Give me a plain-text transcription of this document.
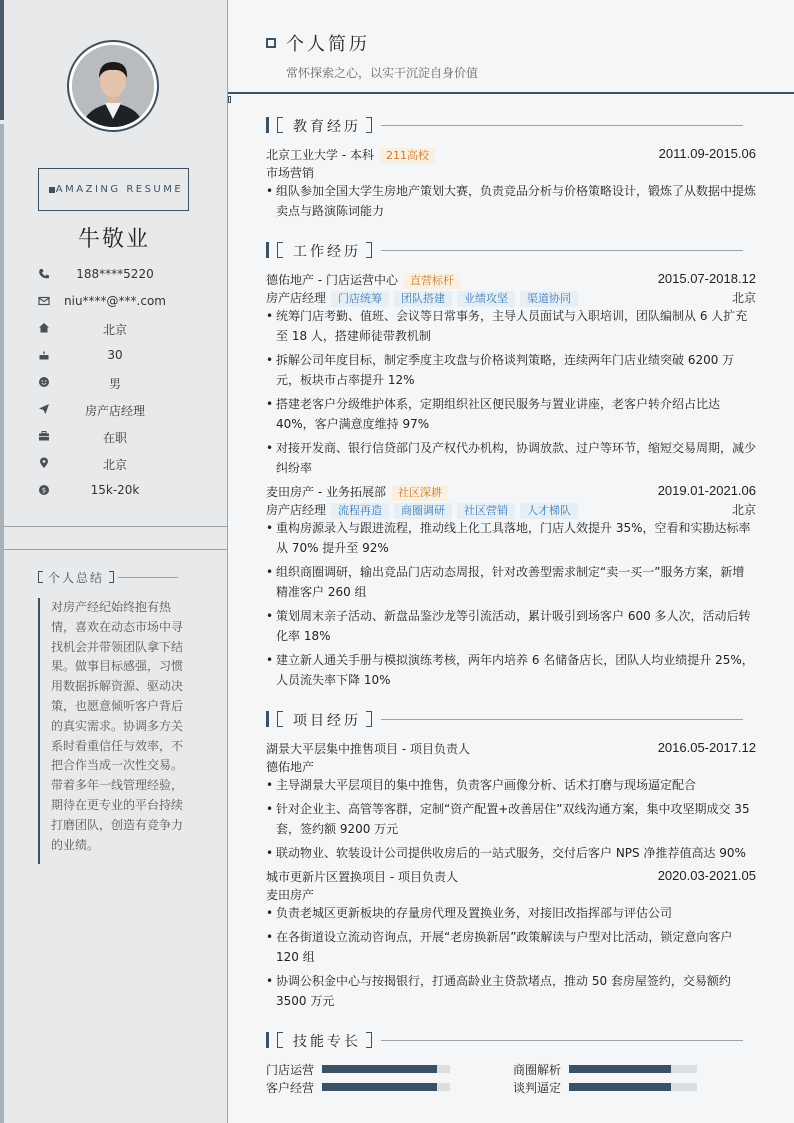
AMAZING RESUME
牛敬业
188****5220
niu****@***.com
北京
30
男
房产店经理
在职
北京
$	15k-20k
个人总结
对房产经纪始终抱有热情，喜欢在动态市场中寻找机会并带领团队拿下结果。做事目标感强，习惯用数据拆解资源、驱动决策，也愿意倾听客户背后的真实需求。协调多方关系时看重信任与效率，不把合作当成一次性交易。带着多年一线管理经验，期待在更专业的平台持续打磨团队，创造有竞争力的业绩。
个人简历
常怀探索之心，以实干沉淀自身价值
教育经历
北京工业大学 - 本科 211高校	2011.09-2015.06
市场营销
• 组队参加全国大学生房地产策划大赛，负责竞品分析与价格策略设计，锻炼了从数据中提炼卖点与路演陈词能力
工作经历
德佑地产 - 门店运营中心 直营标杆	2015.07-2018.12
房产店经理 门店统筹 团队搭建 业绩攻坚 渠道协同	北京
• 统筹门店考勤、值班、会议等日常事务，主导人员面试与入职培训，团队编制从 6 人扩充至 18 人，搭建师徒带教机制
• 拆解公司年度目标，制定季度主攻盘与价格谈判策略，连续两年门店业绩突破 6200 万元，板块市占率提升 12%
• 搭建老客户分级维护体系，定期组织社区便民服务与置业讲座，老客户转介绍占比达 40%，客户满意度维持 97%
• 对接开发商、银行信贷部门及产权代办机构，协调放款、过户等环节，缩短交易周期，减少纠纷率
麦田房产 - 业务拓展部 社区深耕	2019.01-2021.06
房产店经理 流程再造 商圈调研 社区营销 人才梯队	北京
• 重构房源录入与跟进流程，推动线上化工具落地，门店人效提升 35%，空看和实勘达标率从 70% 提升至 92%
• 组织商圈调研，输出竞品门店动态周报，针对改善型需求制定“卖一买一”服务方案，新增精准客户 260 组
• 策划周末亲子活动、新盘品鉴沙龙等引流活动，累计吸引到场客户 600 多人次，活动后转化率 18%
• 建立新人通关手册与模拟演练考核，两年内培养 6 名储备店长，团队人均业绩提升 25%，人员流失率下降 10%
项目经历
湖景大平层集中推售项目 - 项目负责人	2016.05-2017.12
德佑地产
• 主导湖景大平层项目的集中推售，负责客户画像分析、话术打磨与现场逼定配合
• 针对企业主、高管等客群，定制“资产配置+改善居住”双线沟通方案，集中攻坚期成交 35 套，签约额 9200 万元
• 联动物业、软装设计公司提供收房后的一站式服务，交付后客户 NPS 净推荐值高达 90%
城市更新片区置换项目 - 项目负责人	2020.03-2021.05
麦田房产
• 负责老城区更新板块的存量房代理及置换业务，对接旧改指挥部与评估公司
• 在各街道设立流动咨询点，开展“老房换新居”政策解读与户型对比活动，锁定意向客户 120 组
• 协调公积金中心与按揭银行，打通高龄业主贷款堵点，推动 50 套房屋签约，交易额约 3500 万元
技能专长
门店运营	商圈解析
客户经营	谈判逼定
